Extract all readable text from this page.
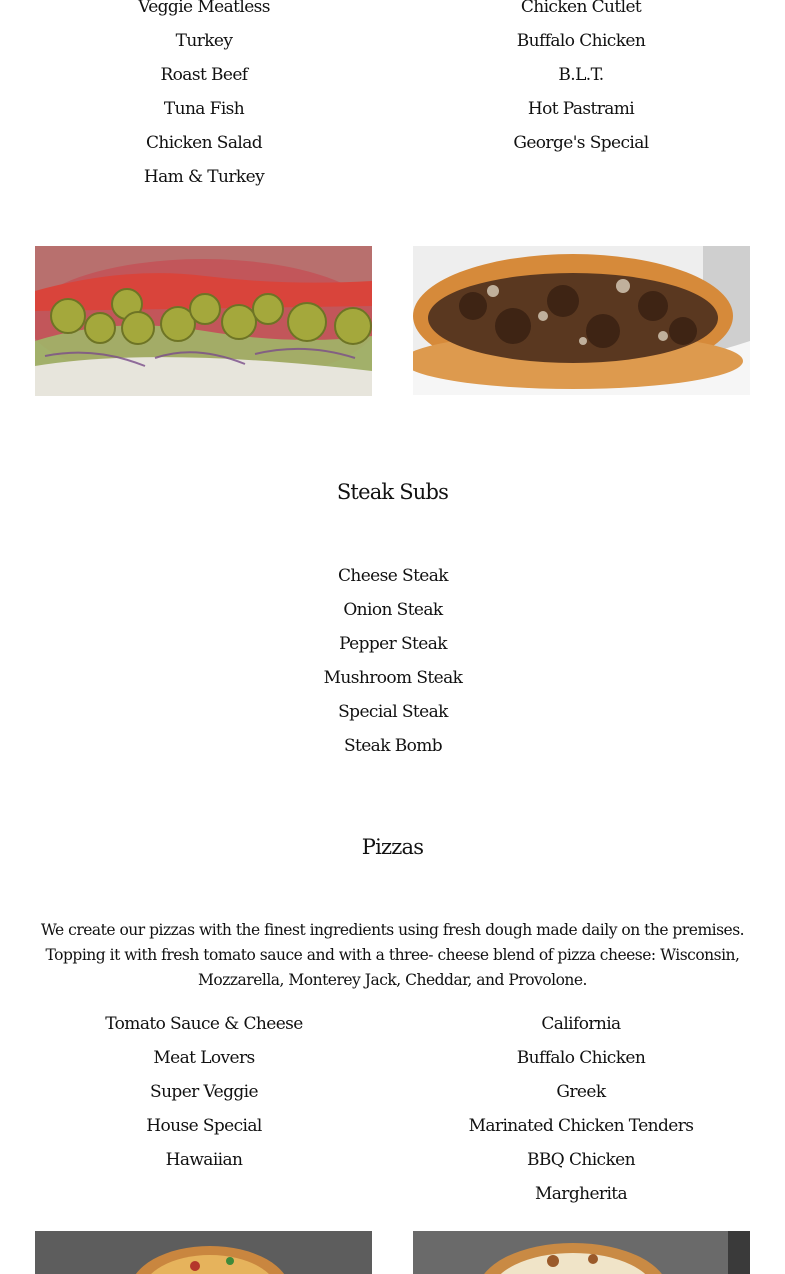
Veggie Meatless
Turkey
Roast Beef
Tuna Fish
Chicken Salad
Ham & Turkey
Chicken Cutlet
Buffalo Chicken
B.L.T.
Hot Pastrami
George's Special
Steak Subs
Cheese Steak
Onion Steak
Pepper Steak
Mushroom Steak
Special Steak
Steak Bomb
Pizzas
We create our pizzas with the finest ingredients using fresh dough made daily on the premises. Topping it with fresh tomato sauce and with a three- cheese blend of pizza cheese: Wisconsin, Mozzarella, Monterey Jack, Cheddar, and Provolone.
Tomato Sauce & Cheese
Meat Lovers
Super Veggie
House Special
Hawaiian
California
Buffalo Chicken
Greek
Marinated Chicken Tenders
BBQ Chicken
Margherita
